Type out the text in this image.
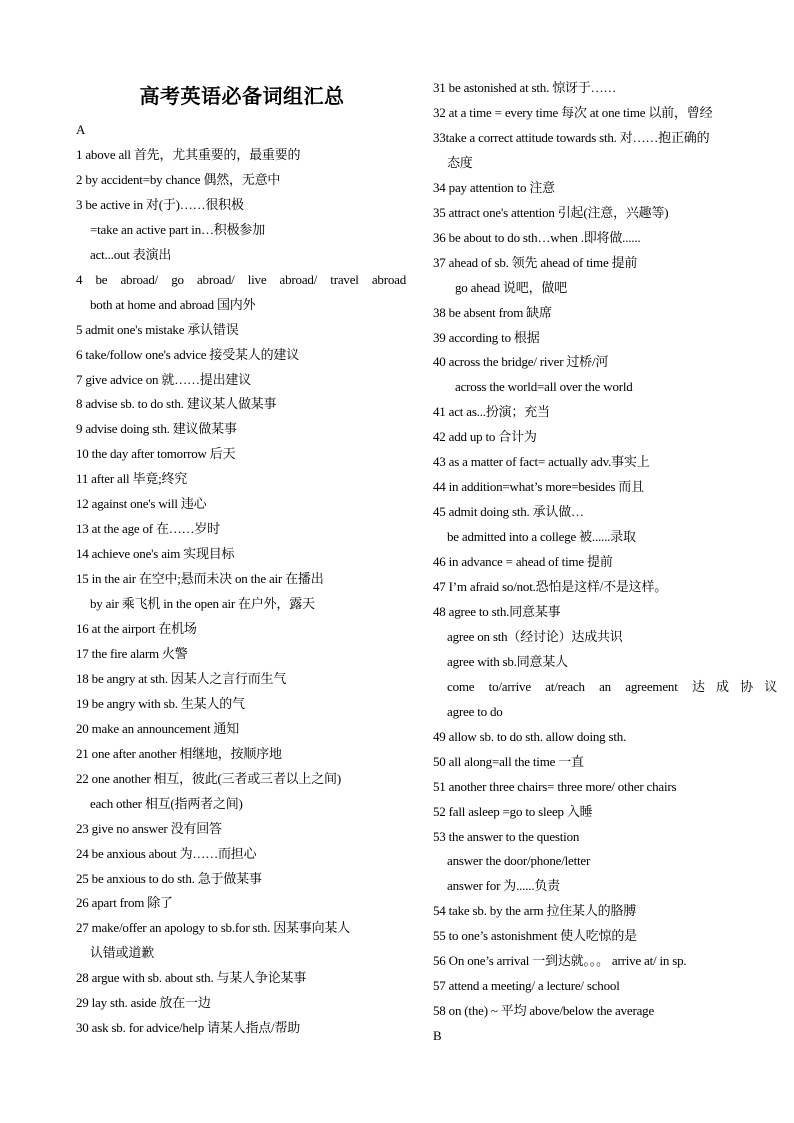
高考英语必备词组汇总
A
1 above all 首先，尤其重要的，最重要的
2 by accident=by chance 偶然，无意中
3 be active in 对(于)……很积极
=take an active part in…积极参加
act...out 表演出
4 be abroad/ go abroad/ live abroad/ travel abroad
both at home and abroad 国内外
5 admit one's mistake 承认错误
6 take/follow one's advice 接受某人的建议
7 give advice on 就……提出建议
8 advise sb. to do sth. 建议某人做某事
9 advise doing sth. 建议做某事
10 the day after tomorrow 后天
11 after all 毕竟;终究
12 against one's will 违心
13 at the age of 在……岁时
14 achieve one's aim 实现目标
15 in the air 在空中;悬而未决 on the air 在播出
by air 乘飞机 in the open air 在户外，露天
16 at the airport 在机场
17 the fire alarm 火警
18 be angry at sth. 因某人之言行而生气
19 be angry with sb. 生某人的气
20 make an announcement 通知
21 one after another 相继地，按顺序地
22 one another 相互，彼此(三者或三者以上之间)
each other 相互(指两者之间)
23 give no answer 没有回答
24 be anxious about 为……而担心
25 be anxious to do sth. 急于做某事
26 apart from 除了
27 make/offer an apology to sb.for sth. 因某事向某人
认错或道歉
28 argue with sb. about sth. 与某人争论某事
29 lay sth. aside 放在一边
30 ask sb. for advice/help 请某人指点/帮助
31 be astonished at sth. 惊讶于……
32 at a time = every time 每次 at one time 以前，曾经
33take a correct attitude towards sth. 对……抱正确的
态度
34 pay attention to 注意
35 attract one's attention 引起(注意，兴趣等)
36 be about to do sth…when .即将做......
37 ahead of sb. 领先 ahead of time 提前
go ahead 说吧，做吧
38 be absent from 缺席
39 according to 根据
40 across the bridge/ river 过桥/河
across the world=all over the world
41 act as...扮演；充当
42 add up to 合计为
43 as a matter of fact= actually adv.事实上
44 in addition=what’s more=besides 而且
45 admit doing sth. 承认做…
be admitted into a college 被......录取
46 in advance = ahead of time 提前
47 I’m afraid so/not.恐怕是这样/不是这样。
48 agree to sth.同意某事
agree on sth（经讨论）达成共识
agree with sb.同意某人
come to/arrive at/reach an agreement 达成协议
agree to do
49 allow sb. to do sth. allow doing sth.
50 all along=all the time 一直
51 another three chairs= three more/ other chairs
52 fall asleep =go to sleep 入睡
53 the answer to the question
answer the door/phone/letter
answer for 为......负责
54 take sb. by the arm 拉住某人的胳膊
55 to one’s astonishment 使人吃惊的是
56 On one’s arrival 一到达就。。。 arrive at/ in sp.
57 attend a meeting/ a lecture/ school
58 on (the) ~ 平均 above/below the average
B
